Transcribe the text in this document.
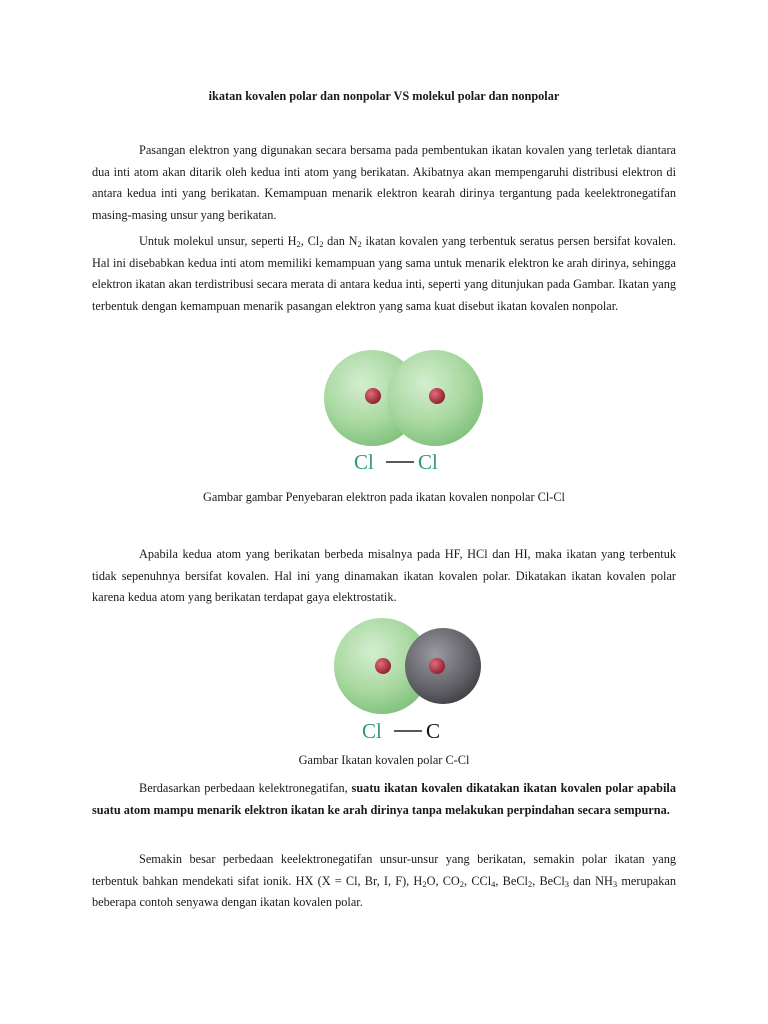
ikatan kovalen polar dan nonpolar VS molekul polar dan nonpolar

Pasangan elektron yang digunakan secara bersama pada pembentukan ikatan kovalen yang terletak diantara dua inti atom akan ditarik oleh kedua inti atom yang berikatan. Akibatnya akan mempengaruhi distribusi elektron di antara kedua inti yang berikatan. Kemampuan menarik elektron kearah dirinya tergantung pada keelektronegatifan masing-masing unsur yang berikatan.

Untuk molekul unsur, seperti $H_2$, $Cl_2$ dan $N_2$ ikatan kovalen yang terbentuk seratus persen bersifat kovalen. Hal ini disebabkan kedua inti atom memiliki kemampuan yang sama untuk menarik elektron ke arah dirinya, sehingga elektron ikatan akan terdistribusi secara merata di antara kedua inti, seperti yang ditunjukan pada Gambar. Ikatan yang terbentuk dengan kemampuan menarik pasangan elektron yang sama kuat disebut ikatan kovalen nonpolar.

Cl Cl
Gambar gambar Penyebaran elektron pada ikatan kovalen nonpolar Cl-Cl

Apabila kedua atom yang berikatan berbeda misalnya pada HF, HCl dan HI, maka ikatan yang terbentuk tidak sepenuhnya bersifat kovalen. Hal ini yang dinamakan ikatan kovalen polar. Dikatakan ikatan kovalen polar karena kedua atom yang berikatan terdapat gaya elektrostatik.

Cl C
Gambar Ikatan kovalen polar C-Cl

Berdasarkan perbedaan kelektronegatifan, suatu ikatan kovalen dikatakan ikatan kovalen polar apabila suatu atom mampu menarik elektron ikatan ke arah dirinya tanpa melakukan perpindahan secara sempurna.

Semakin besar perbedaan keelektronegatifan unsur-unsur yang berikatan, semakin polar ikatan yang terbentuk bahkan mendekati sifat ionik. HX (X = Cl, Br, I, F), $H_2O$, $CO_2$, CCl$_4$, BeCl$_2$, BeCl$_3$ dan $NH_3$ merupakan beberapa contoh senyawa dengan ikatan kovalen polar.
